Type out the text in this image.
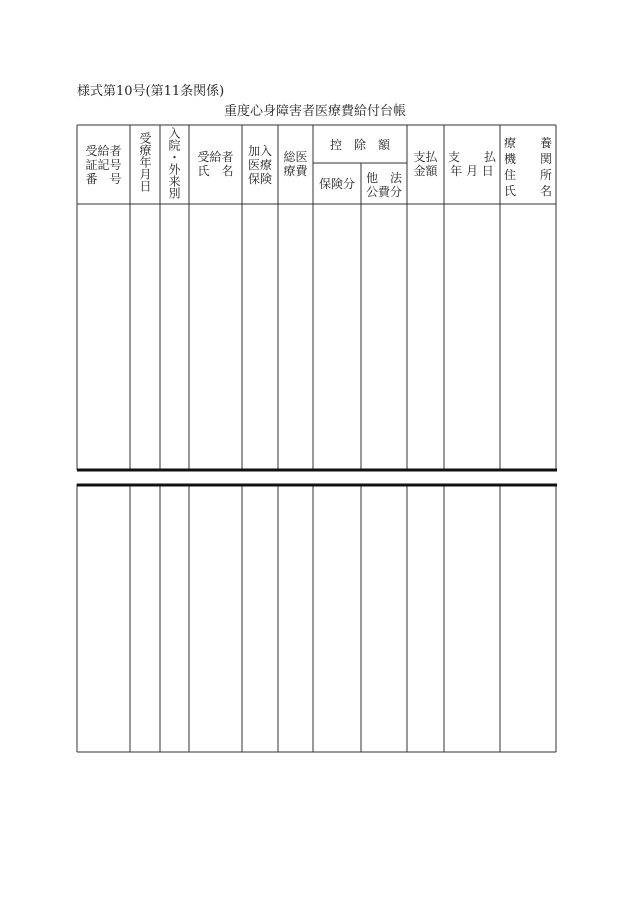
様式第10号(第11条関係)
重度心身障害者医療費給付台帳
受給者
証記号
番　号	受療年月日 入院・外来別	受給者
氏　名
加入
医療
保険
総医
療費
控　除　額
保険分 他　法
公費分
支払
金額
支　　払
年 月 日
療　　養
機　　関
住　　所
氏　　名
